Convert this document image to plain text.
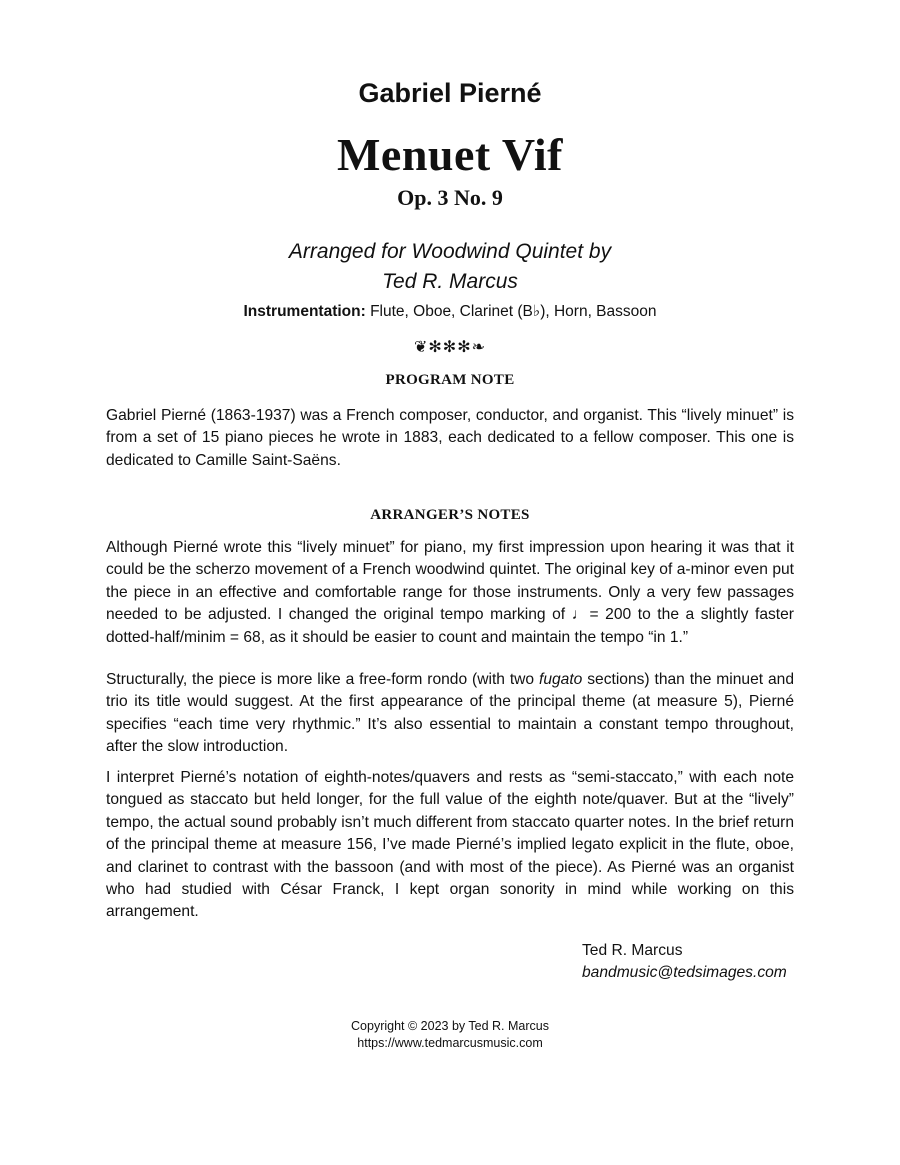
Gabriel Pierné
Menuet Vif
Op. 3 No. 9
Arranged for Woodwind Quintet by
Ted R. Marcus
Instrumentation: Flute, Oboe, Clarinet (B♭), Horn, Bassoon
❦✻✻✻❧
PROGRAM NOTE

Gabriel Pierné (1863-1937) was a French composer, conductor, and organist. This “lively minuet” is from a set of 15 piano pieces he wrote in 1883, each dedicated to a fellow composer. This one is dedicated to Camille Saint-Saëns.

ARRANGER’S NOTES

Although Pierné wrote this “lively minuet” for piano, my first impression upon hearing it was that it could be the scherzo movement of a French woodwind quintet. The original key of a-minor even put the piece in an effective and comfortable range for those instruments. Only a very few passages needed to be adjusted. I changed the original tempo marking of ♩= 200 to the a slightly faster dotted-half/minim = 68, as it should be easier to count and maintain the tempo “in 1.”

Structurally, the piece is more like a free-form rondo (with two fugato sections) than the minuet and trio its title would suggest. At the first appearance of the principal theme (at measure 5), Pierné specifies “each time very rhythmic.” It’s also essential to maintain a constant tempo throughout, after the slow introduction.

I interpret Pierné’s notation of eighth-notes/quavers and rests as “semi-staccato,” with each note tongued as staccato but held longer, for the full value of the eighth note/quaver. But at the “lively” tempo, the actual sound probably isn’t much different from staccato quarter notes. In the brief return of the principal theme at measure 156, I’ve made Pierné’s implied legato explicit in the flute, oboe, and clarinet to contrast with the bassoon (and with most of the piece). As Pierné was an organist who had studied with César Franck, I kept organ sonority in mind while working on this arrangement.

Ted R. Marcus
bandmusic@tedsimages.com
Copyright © 2023 by Ted R. Marcus
https://www.tedmarcusmusic.com
